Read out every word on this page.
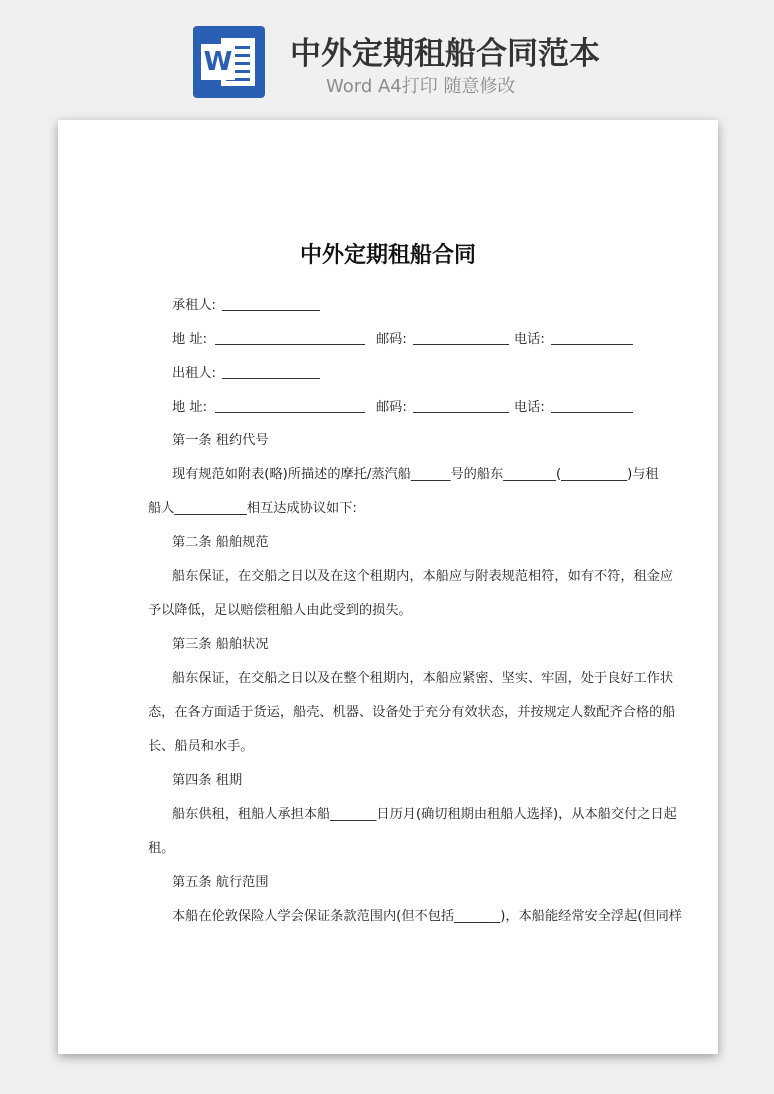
W 中外定期租船合同范本
Word A4打印 随意修改
中外定期租船合同
承租人:
地 址:	邮码:	电话:
出租人:
地 址:	邮码:	电话:
第一条 租约代号
现有规范如附表(略)所描述的摩托/蒸汽船______号的船东________(__________)与租
船人___________相互达成协议如下:
第二条 船舶规范
船东保证，在交船之日以及在这个租期内，本船应与附表规范相符，如有不符，租金应
予以降低，足以赔偿租船人由此受到的损失。
第三条 船舶状况
船东保证，在交船之日以及在整个租期内，本船应紧密、坚实、牢固，处于良好工作状
态，在各方面适于货运，船壳、机器、设备处于充分有效状态，并按规定人数配齐合格的船
长、船员和水手。
第四条 租期
船东供租，租船人承担本船_______日历月(确切租期由租船人选择)，从本船交付之日起
租。
第五条 航行范围
本船在伦敦保险人学会保证条款范围内(但不包括_______)，本船能经常安全浮起(但同样
